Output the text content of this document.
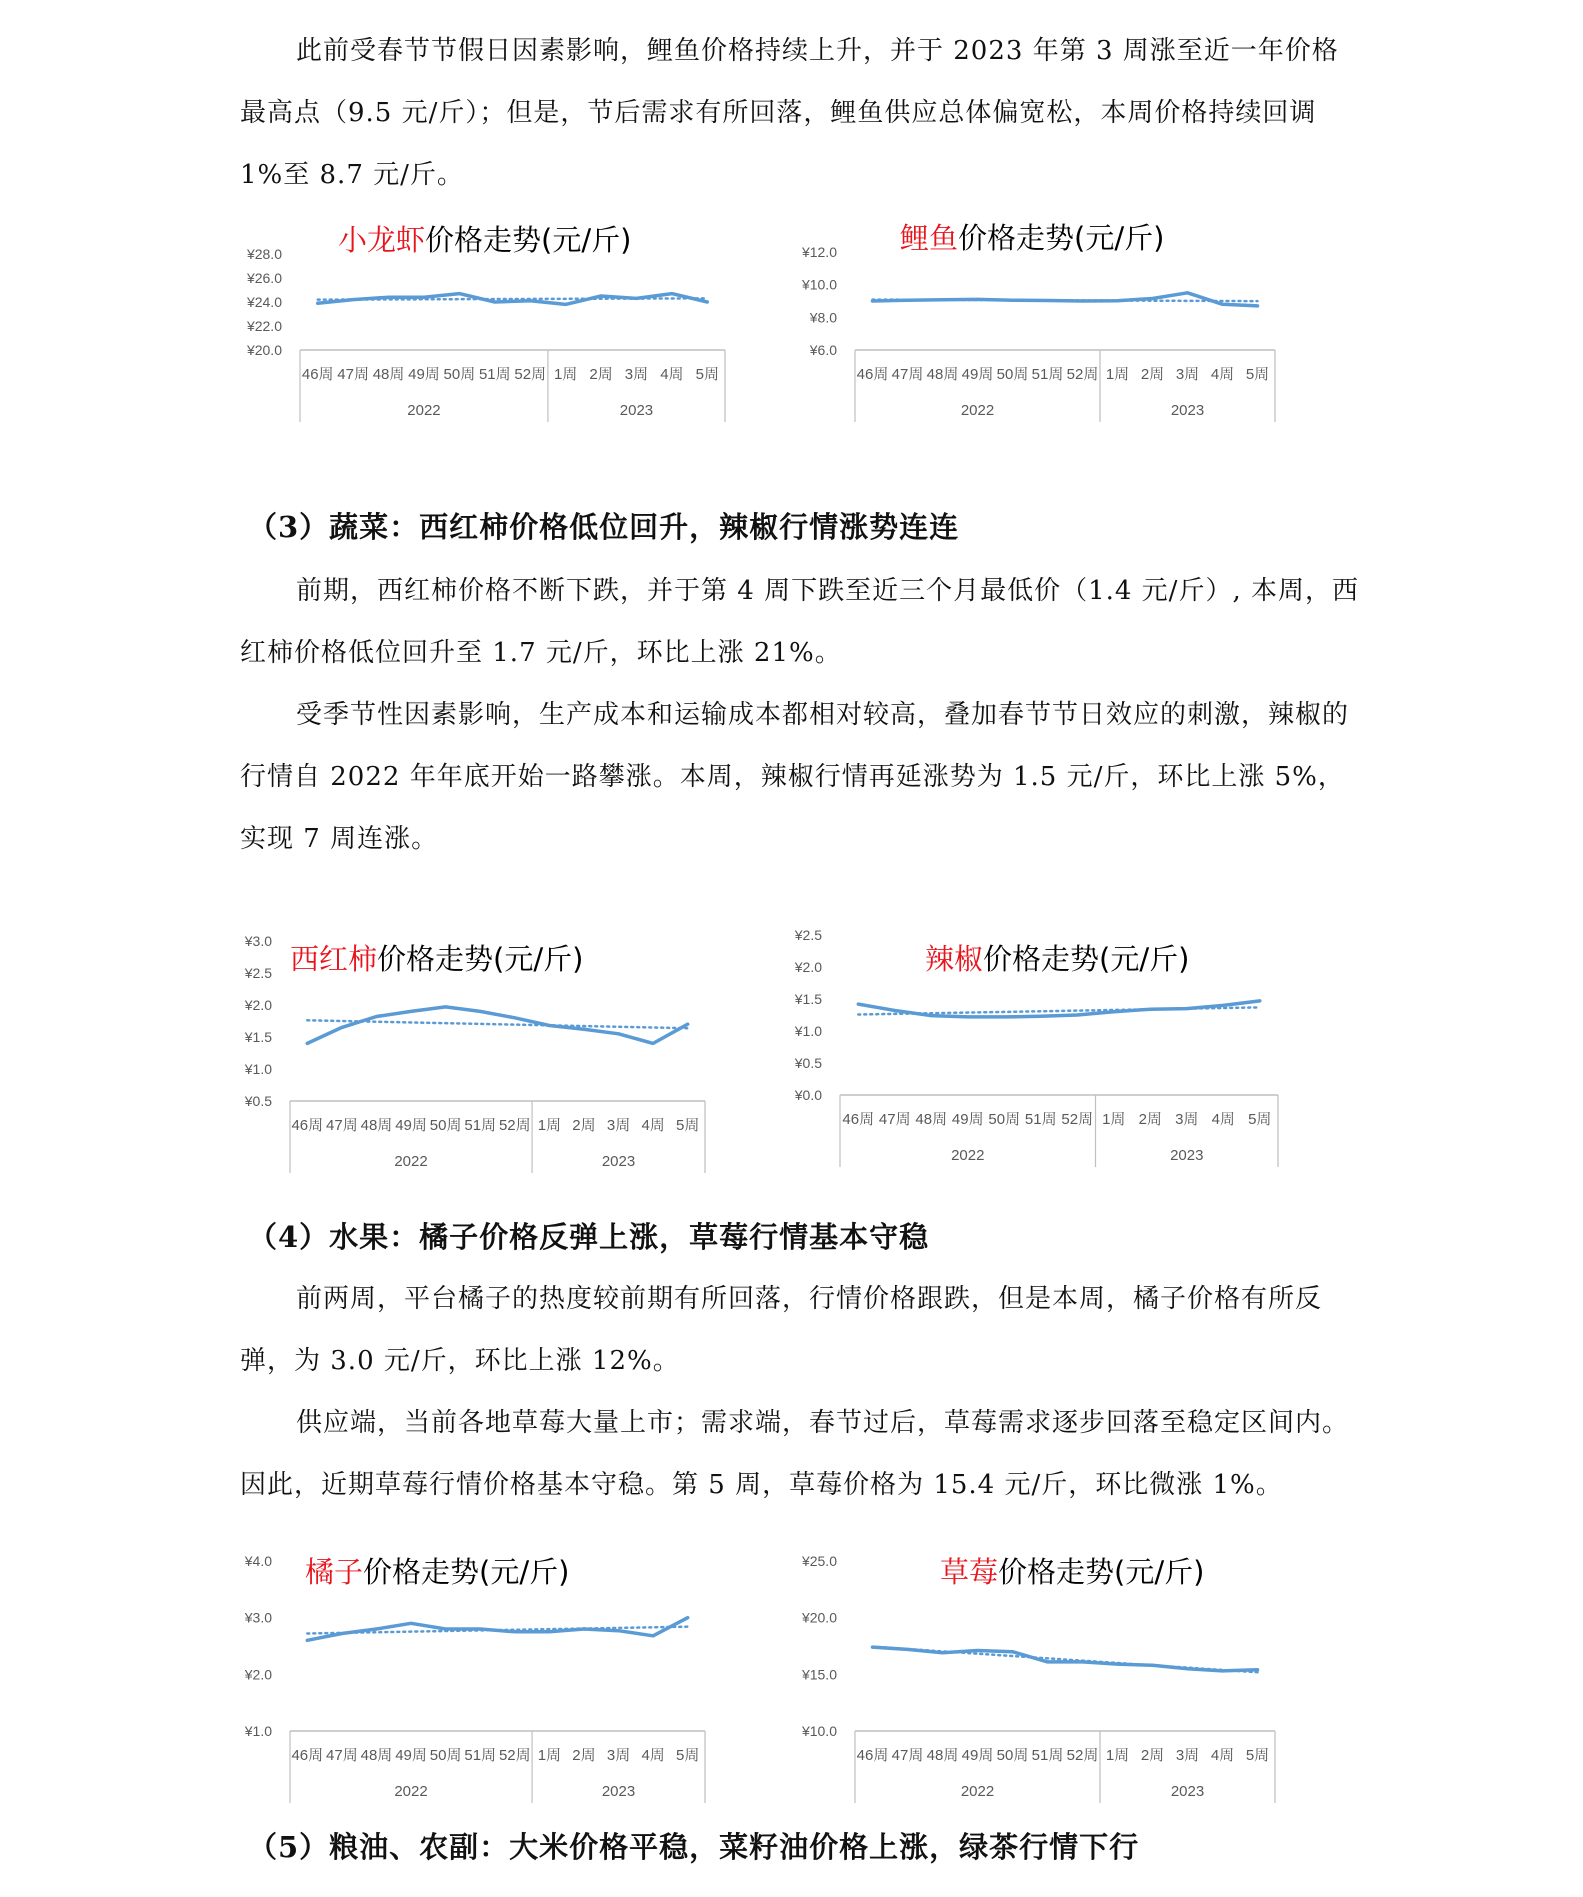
此前受春节节假日因素影响，鲤鱼价格持续上升，并于 2023 年第 3 周涨至近一年价格最高点（9.5 元/斤）；但是，节后需求有所回落，鲤鱼供应总体偏宽松，本周价格持续回调 1%至 8.7 元/斤。

小龙虾价格走势(元/斤)
¥28.0
¥26.0
¥24.0
¥22.0
¥20.0
46周 47周 48周 49周 50周 51周 52周 1周 2周 3周 4周 5周
2022	2023
鲤鱼价格走势(元/斤)
¥12.0
¥10.0
¥8.0
¥6.0
46周 47周 48周 49周 50周 51周 52周 1周 2周 3周 4周 5周
2022	2023

（3）蔬菜：西红柿价格低位回升，辣椒行情涨势连连

前期，西红柿价格不断下跌，并于第 4 周下跌至近三个月最低价（1.4 元/斤）, 本周，西红柿价格低位回升至 1.7 元/斤，环比上涨 21%。

受季节性因素影响，生产成本和运输成本都相对较高，叠加春节节日效应的刺激，辣椒的行情自 2022 年年底开始一路攀涨。本周，辣椒行情再延涨势为 1.5 元/斤，环比上涨 5%，实现 7 周连涨。

西红柿价格走势(元/斤)
¥3.0
¥2.5
¥2.0
¥1.5
¥1.0
¥0.5
46周 47周 48周 49周 50周 51周 52周 1周 2周 3周 4周 5周
2022	2023
辣椒价格走势(元/斤)
¥2.5
¥2.0
¥1.5
¥1.0
¥0.5
¥0.0
46周 47周 48周 49周 50周 51周 52周 1周 2周 3周 4周 5周
2022	2023

（4）水果：橘子价格反弹上涨，草莓行情基本守稳

前两周，平台橘子的热度较前期有所回落，行情价格跟跌，但是本周，橘子价格有所反弹，为 3.0 元/斤，环比上涨 12%。

供应端，当前各地草莓大量上市；需求端，春节过后，草莓需求逐步回落至稳定区间内。因此，近期草莓行情价格基本守稳。第 5 周，草莓价格为 15.4 元/斤，环比微涨 1%。

橘子价格走势(元/斤)
¥4.0
¥3.0
¥2.0
¥1.0
46周 47周 48周 49周 50周 51周 52周 1周 2周 3周 4周 5周
2022	2023
草莓价格走势(元/斤)
¥25.0
¥20.0
¥15.0
¥10.0
46周 47周 48周 49周 50周 51周 52周 1周 2周 3周 4周 5周
2022	2023

（5）粮油、农副：大米价格平稳，菜籽油价格上涨，绿茶行情下行
